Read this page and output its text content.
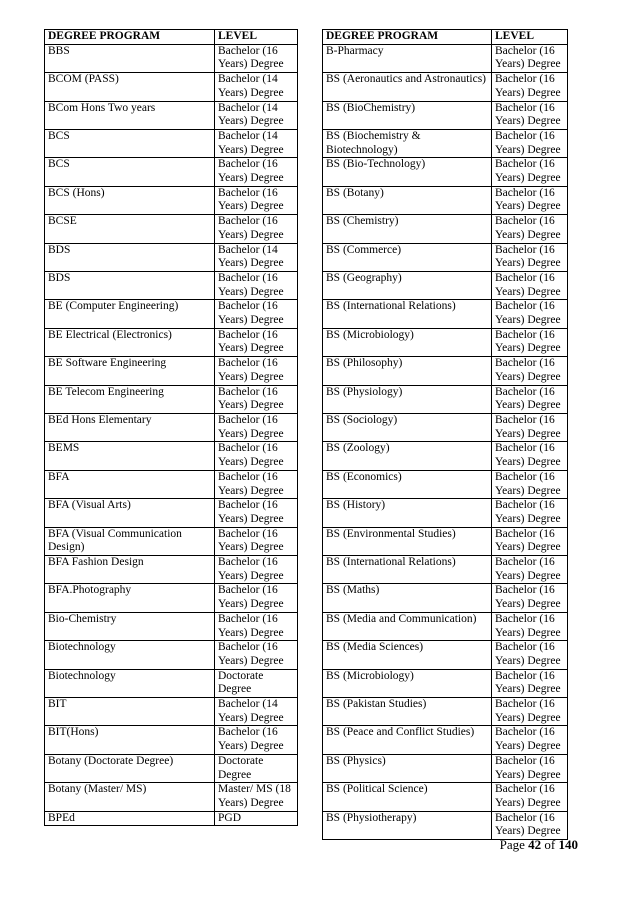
DEGREE PROGRAM	LEVEL
BBS	Bachelor (16 Years) Degree
BCOM (PASS)	Bachelor (14 Years) Degree
BCom Hons Two years	Bachelor (14 Years) Degree
BCS	Bachelor (14 Years) Degree
BCS	Bachelor (16 Years) Degree
BCS (Hons)	Bachelor (16 Years) Degree
BCSE	Bachelor (16 Years) Degree
BDS	Bachelor (14 Years) Degree
BDS	Bachelor (16 Years) Degree
BE (Computer Engineering)	Bachelor (16 Years) Degree
BE Electrical (Electronics)	Bachelor (16 Years) Degree
BE Software Engineering	Bachelor (16 Years) Degree
BE Telecom Engineering	Bachelor (16 Years) Degree
BEd Hons Elementary	Bachelor (16 Years) Degree
BEMS	Bachelor (16 Years) Degree
BFA	Bachelor (16 Years) Degree
BFA (Visual Arts)	Bachelor (16 Years) Degree
BFA (Visual Communication Design)	Bachelor (16 Years) Degree
BFA Fashion Design	Bachelor (16 Years) Degree
BFA.Photography	Bachelor (16 Years) Degree
Bio-Chemistry	Bachelor (16 Years) Degree
Biotechnology	Bachelor (16 Years) Degree
Biotechnology	Doctorate Degree
BIT	Bachelor (14 Years) Degree
BIT(Hons)	Bachelor (16 Years) Degree
Botany (Doctorate Degree)	Doctorate Degree
Botany (Master/ MS)	Master/ MS (18 Years) Degree
BPEd	PGD
DEGREE PROGRAM	LEVEL
B-Pharmacy	Bachelor (16 Years) Degree
BS (Aeronautics and Astronautics)	Bachelor (16 Years) Degree
BS (BioChemistry)	Bachelor (16 Years) Degree
BS (Biochemistry & Biotechnology)	Bachelor (16 Years) Degree
BS (Bio-Technology)	Bachelor (16 Years) Degree
BS (Botany)	Bachelor (16 Years) Degree
BS (Chemistry)	Bachelor (16 Years) Degree
BS (Commerce)	Bachelor (16 Years) Degree
BS (Geography)	Bachelor (16 Years) Degree
BS (International Relations)	Bachelor (16 Years) Degree
BS (Microbiology)	Bachelor (16 Years) Degree
BS (Philosophy)	Bachelor (16 Years) Degree
BS (Physiology)	Bachelor (16 Years) Degree
BS (Sociology)	Bachelor (16 Years) Degree
BS (Zoology)	Bachelor (16 Years) Degree
BS (Economics)	Bachelor (16 Years) Degree
BS (History)	Bachelor (16 Years) Degree
BS (Environmental Studies)	Bachelor (16 Years) Degree
BS (International Relations)	Bachelor (16 Years) Degree
BS (Maths)	Bachelor (16 Years) Degree
BS (Media and Communication)	Bachelor (16 Years) Degree
BS (Media Sciences)	Bachelor (16 Years) Degree
BS (Microbiology)	Bachelor (16 Years) Degree
BS (Pakistan Studies)	Bachelor (16 Years) Degree
BS (Peace and Conflict Studies)	Bachelor (16 Years) Degree
BS (Physics)	Bachelor (16 Years) Degree
BS (Political Science)	Bachelor (16 Years) Degree
BS (Physiotherapy)	Bachelor (16 Years) Degree
Page 42 of 140
